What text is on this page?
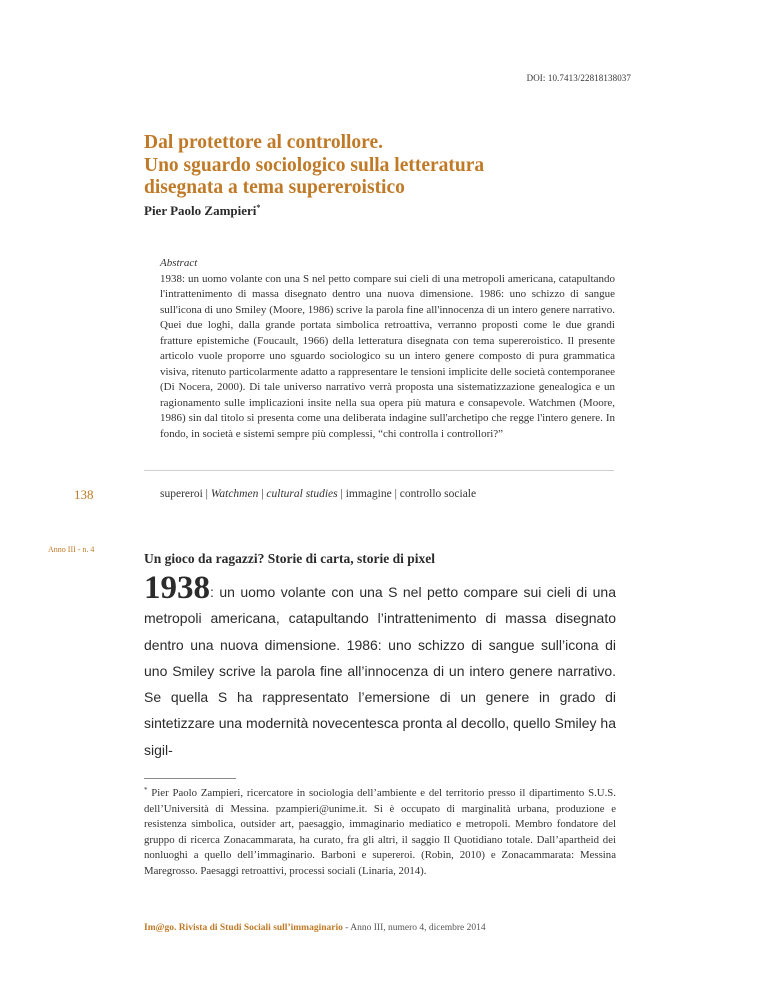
DOI: 10.7413/22818138037
Dal protettore al controllore.
Uno sguardo sociologico sulla letteratura
disegnata a tema supereroistico
Pier Paolo Zampieri*
Abstract

1938: un uomo volante con una S nel petto compare sui cieli di una metropoli americana, catapultando l'intrattenimento di massa disegnato dentro una nuova dimensione. 1986: uno schizzo di sangue sull'icona di uno Smiley (Moore, 1986) scrive la parola fine all'innocenza di un intero genere narrativo. Quei due loghi, dalla grande portata simbolica retroattiva, verranno proposti come le due grandi fratture epistemiche (Foucault, 1966) della letteratura disegnata con tema supereroistico. Il presente articolo vuole proporre uno sguardo sociologico su un intero genere composto di pura grammatica visiva, ritenuto particolarmente adatto a rappresentare le tensioni implicite delle società contemporanee (Di Nocera, 2000). Di tale universo narrativo verrà proposta una sistematizzazione genealogica e un ragionamento sulle implicazioni insite nella sua opera più matura e consapevole. Watchmen (Moore, 1986) sin dal titolo si presenta come una deliberata indagine sull'archetipo che regge l'intero genere. In fondo, in società e sistemi sempre più complessi, “chi controlla i controllori?”

supereroi | Watchmen | cultural studies | immagine | controllo sociale
138
Anno III - n. 4
Un gioco da ragazzi? Storie di carta, storie di pixel

1938: un uomo volante con una S nel petto compare sui cieli di una metropoli americana, catapultando l’intrattenimento di massa disegnato dentro una nuova dimensione. 1986: uno schizzo di sangue sull’icona di uno Smiley scrive la parola fine all’innocenza di un intero genere narrativo. Se quella S ha rappresentato l’emersione di un genere in grado di sintetizzare una modernità novecentesca pronta al decollo, quello Smiley ha sigil-

* Pier Paolo Zampieri, ricercatore in sociologia dell’ambiente e del territorio presso il dipartimento S.U.S. dell’Università di Messina. pzampieri@unime.it. Si è occupato di marginalità urbana, produzione e resistenza simbolica, outsider art, paesaggio, immaginario mediatico e metropoli. Membro fondatore del gruppo di ricerca Zonacammarata, ha curato, fra gli altri, il saggio Il Quotidiano totale. Dall’apartheid dei nonluoghi a quello dell’immaginario. Barboni e supereroi. (Robin, 2010) e Zonacammarata: Messina Maregrosso. Paesaggi retroattivi, processi sociali (Linaria, 2014).

Im@go. Rivista di Studi Sociali sull’immaginario - Anno III, numero 4, dicembre 2014
